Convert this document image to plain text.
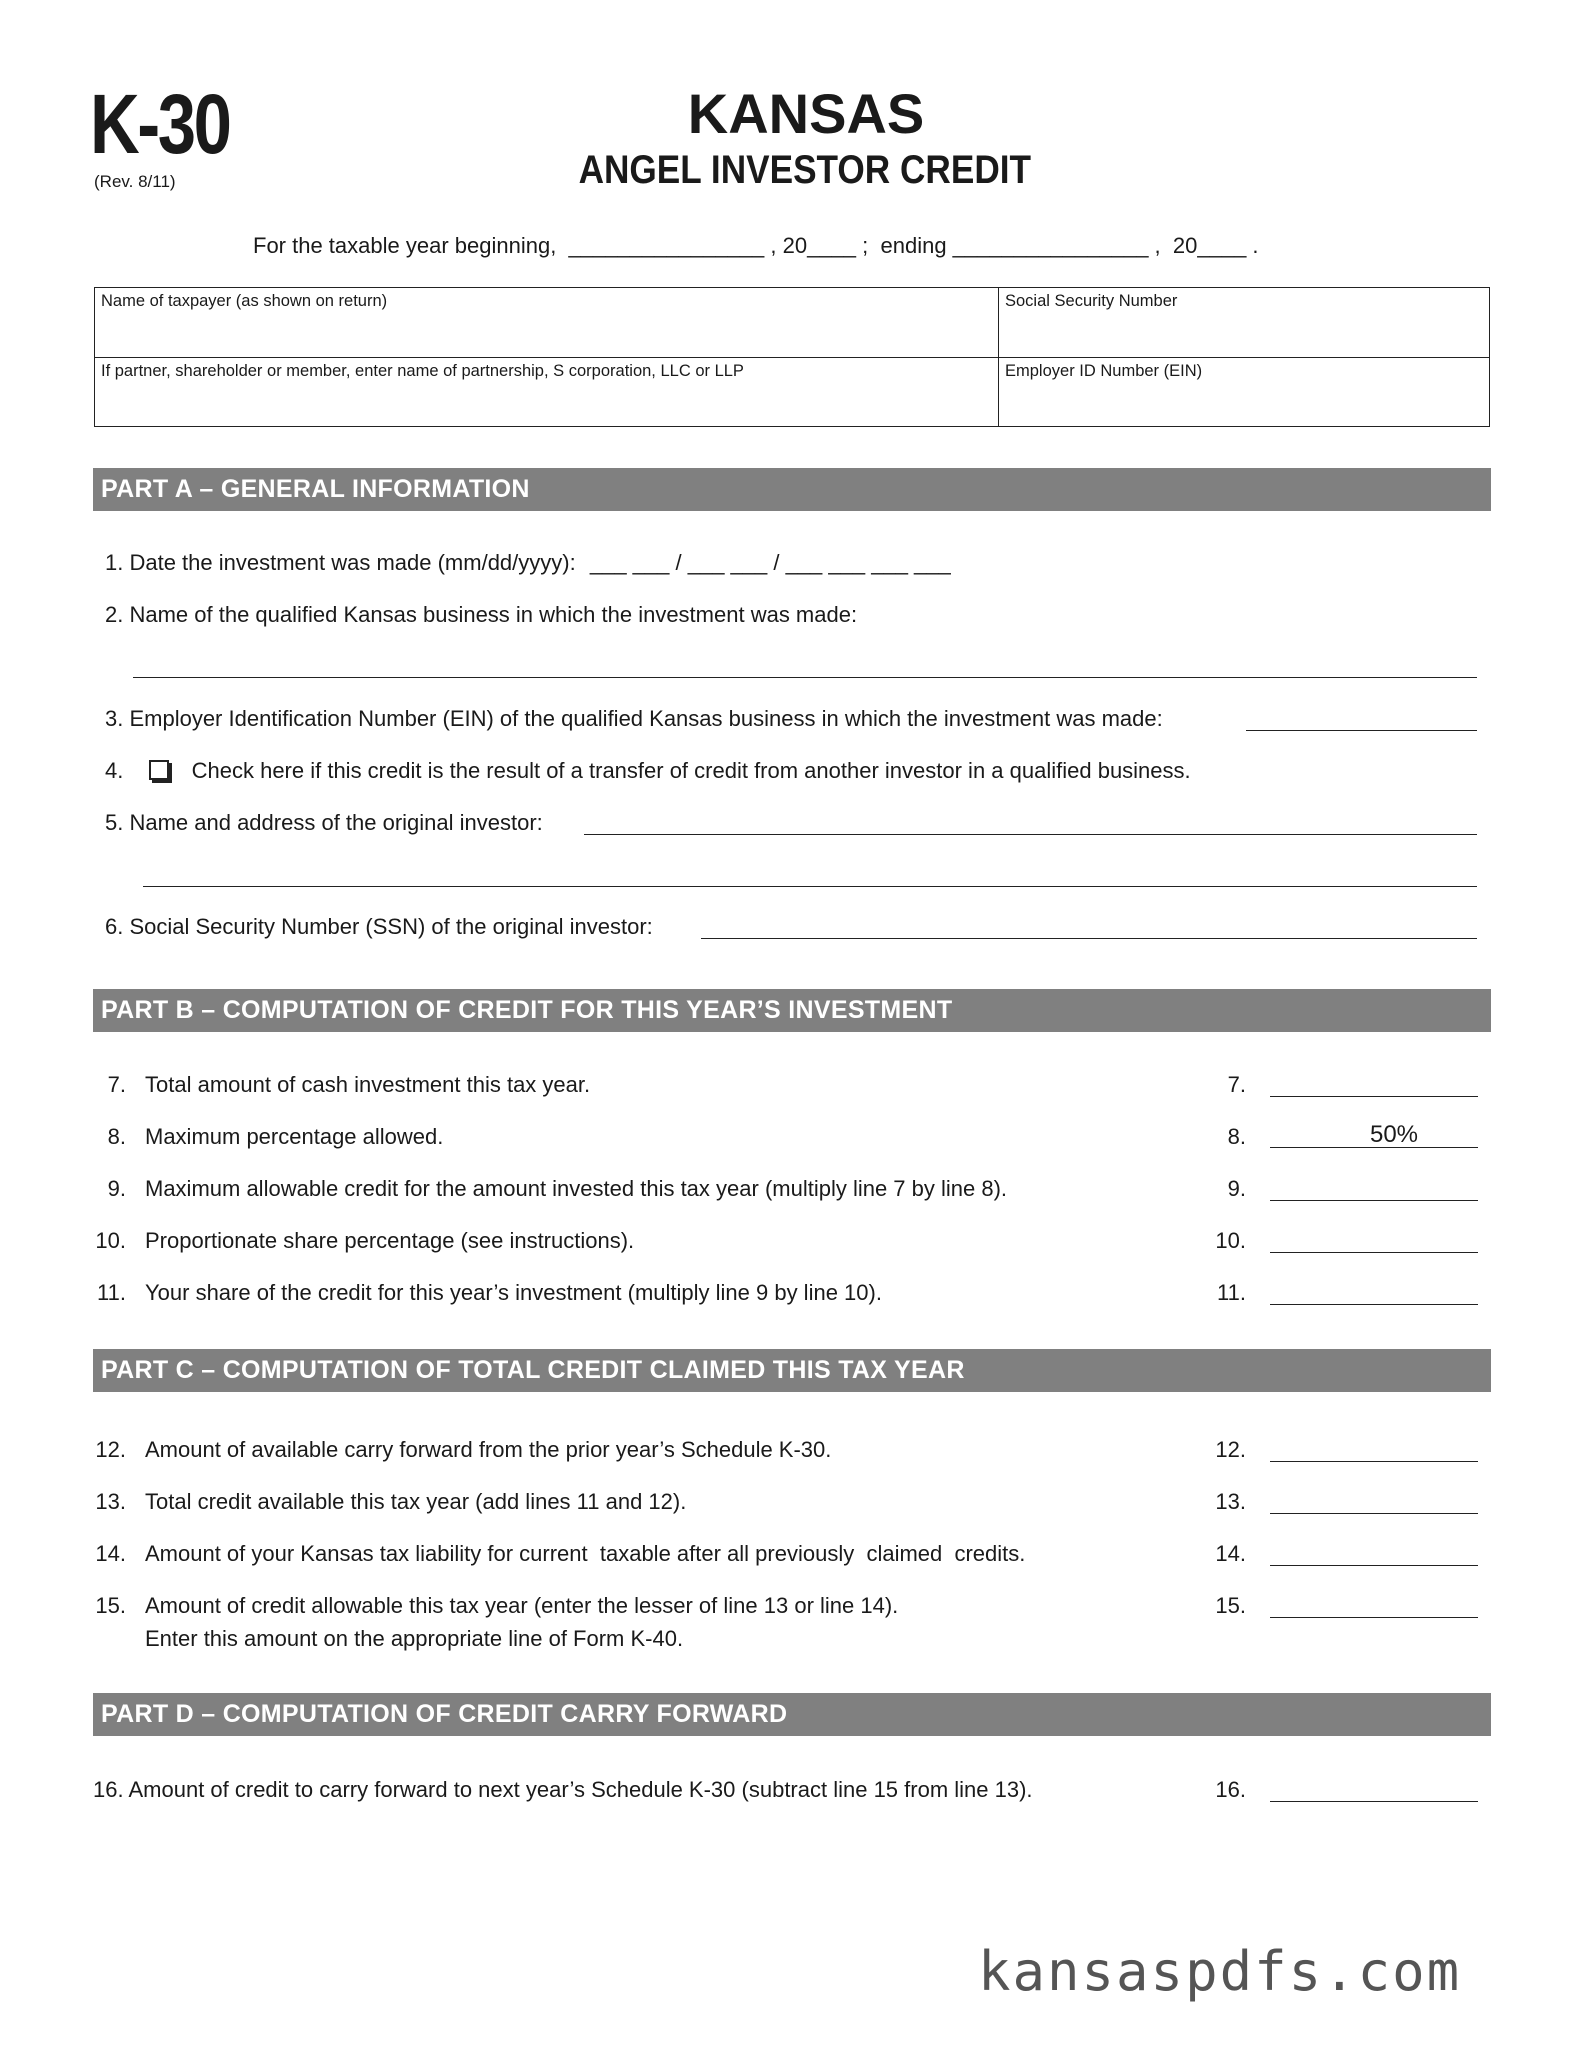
K-30
(Rev. 8/11)
KANSAS
ANGEL INVESTOR CREDIT
For the taxable year beginning,  ________________ , 20____ ;  ending ________________ ,  20____ .
Name of taxpayer (as shown on return)	Social Security Number
If partner, shareholder or member, enter name of partnership, S corporation, LLC or LLP	Employer ID Number (EIN)
PART A – GENERAL INFORMATION
1. Date the investment was made (mm/dd/yyyy): ___ ___ / ___ ___ / ___ ___ ___ ___
2. Name of the qualified Kansas business in which the investment was made:
3. Employer Identification Number (EIN) of the qualified Kansas business in which the investment was made:
4.	Check here if this credit is the result of a transfer of credit from another investor in a qualified business.
5. Name and address of the original investor:
6. Social Security Number (SSN) of the original investor:
PART B – COMPUTATION OF CREDIT FOR THIS YEAR’S INVESTMENT
7. Total amount of cash investment this tax year.	7.
8. Maximum percentage allowed.	8.	50%
9. Maximum allowable credit for the amount invested this tax year (multiply line 7 by line 8).	9.
10. Proportionate share percentage (see instructions).	10.
11. Your share of the credit for this year’s investment (multiply line 9 by line 10).	11.
PART C – COMPUTATION OF TOTAL CREDIT CLAIMED THIS TAX YEAR
12. Amount of available carry forward from the prior year’s Schedule K-30.	12.
13. Total credit available this tax year (add lines 11 and 12).	13.
14. Amount of your Kansas tax liability for current  taxable after all previously  claimed  credits.	14.
15. Amount of credit allowable this tax year (enter the lesser of line 13 or line 14).
Enter this amount on the appropriate line of Form K-40.
15.
PART D – COMPUTATION OF CREDIT CARRY FORWARD
16. Amount of credit to carry forward to next year’s Schedule K-30 (subtract line 15 from line 13).	16.
kansaspdfs.com
